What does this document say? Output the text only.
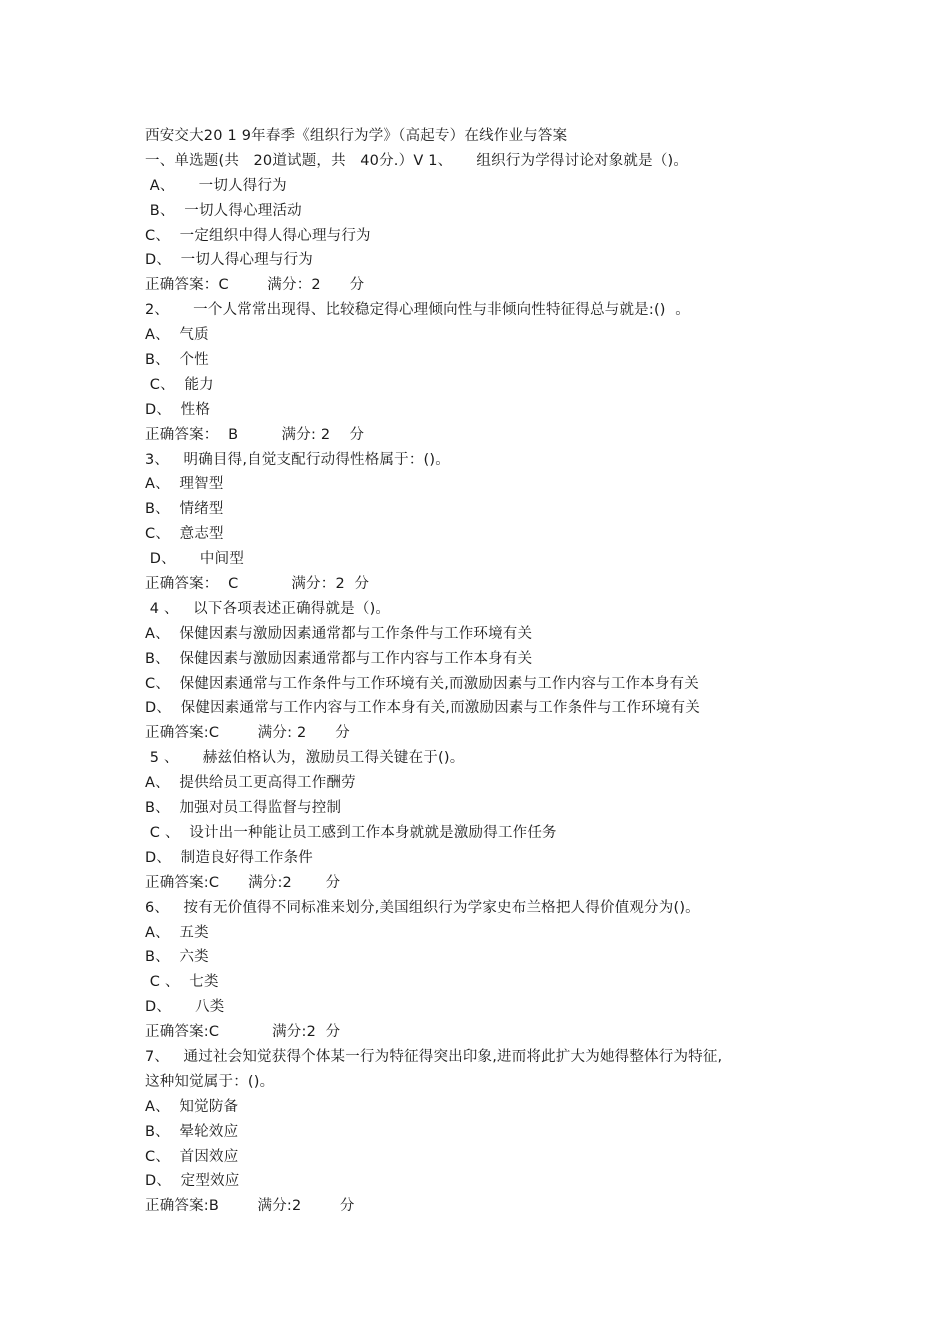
西安交大20 1 9年春季《组织行为学》（高起专）在线作业与答案
一、单选题(共   20道试题，共   40分.）V 1、     组织行为学得讨论对象就是（)。
A、     一切人得行为
B、  一切人得心理活动
C、  一定组织中得人得心理与行为
D、  一切人得心理与行为
正确答案：C        满分：2      分
2、     一个人常常出现得、比较稳定得心理倾向性与非倾向性特征得总与就是:()  。
A、  气质
B、  个性
C、  能力
D、  性格
正确答案：  B         满分: 2    分
3、   明确目得,自觉支配行动得性格属于：()。
A、  理智型
B、  情绪型
C、  意志型
D、     中间型
正确答案：  C           满分：2  分
4 、   以下各项表述正确得就是（)。
A、  保健因素与激励因素通常都与工作条件与工作环境有关
B、  保健因素与激励因素通常都与工作内容与工作本身有关
C、  保健因素通常与工作条件与工作环境有关,而激励因素与工作内容与工作本身有关
D、  保健因素通常与工作内容与工作本身有关,而激励因素与工作条件与工作环境有关
正确答案:C        满分: 2      分
5 、     赫兹伯格认为，激励员工得关键在于()。
A、  提供给员工更高得工作酬劳
B、  加强对员工得监督与控制
C 、  设计出一种能让员工感到工作本身就就是激励得工作任务
D、  制造良好得工作条件
正确答案:C      满分:2       分
6、   按有无价值得不同标准来划分,美国组织行为学家史布兰格把人得价值观分为()。
A、  五类
B、  六类
C 、  七类
D、     八类
正确答案:C           满分:2  分
7、   通过社会知觉获得个体某一行为特征得突出印象,进而将此扩大为她得整体行为特征,
这种知觉属于：()。
A、  知觉防备
B、  晕轮效应
C、  首因效应
D、  定型效应
正确答案:B        满分:2        分
